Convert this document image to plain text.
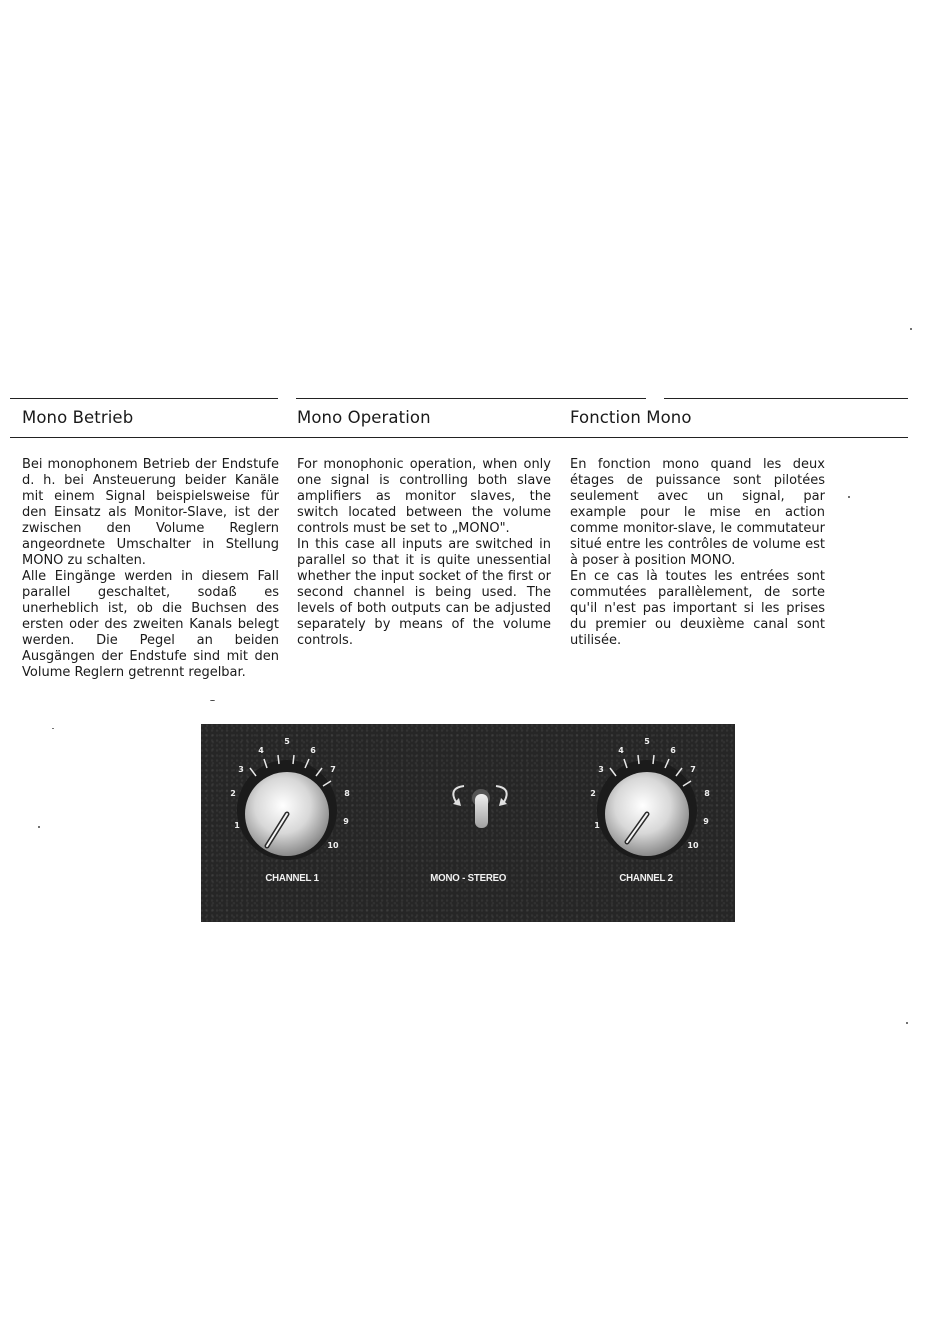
Mono Betrieb	Mono Operation	Fonction Mono

Bei monophonem Betrieb der Endstufe d. h. bei Ansteuerung beider Kanäle mit einem Signal beispielsweise für den Einsatz als Monitor-Slave, ist der zwischen den Volume Reglern angeordnete Umschalter in Stellung MONO zu schalten.

Alle Eingänge werden in diesem Fall parallel geschaltet, sodaß es unerheblich ist, ob die Buchsen des ersten oder des zweiten Kanals belegt werden. Die Pegel an beiden Ausgängen der Endstufe sind mit den Volume Reglern getrennt regelbar.

For monophonic operation, when only one signal is controlling both slave amplifiers as monitor slaves, the switch located between the volume controls must be set to „MONO".

In this case all inputs are switched in parallel so that it is quite unessential whether the input socket of the first or second channel is being used. The levels of both outputs can be adjusted separately by means of the volume controls.

En fonction mono quand les deux étages de puissance sont pilotées seulement avec un signal, par example pour le mise en action comme monitor-slave, le commutateur situé entre les contrôles de volume est à poser à position MONO.

En ce cas là toutes les entrées sont commutées parallèlement, de sorte qu'il n'est pas important si les prises du premier ou deuxième canal sont utilisée.

1
2
3
4
5
6
7
8
9
10
1
2
3
4
5
6
7
8
9
10
CHANNEL 1	MONO - STEREO	CHANNEL 2
